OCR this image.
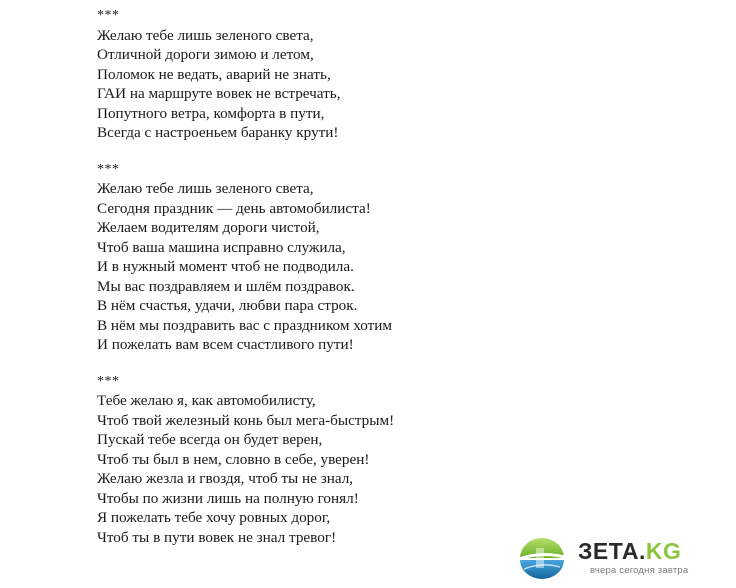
***
Желаю тебе лишь зеленого света,
Отличной дороги зимою и летом,
Поломок не ведать, аварий не знать,
ГАИ на маршруте вовек не встречать,
Попутного ветра, комфорта в пути,
Всегда с настроеньем баранку крути!
***
Желаю тебе лишь зеленого света,
Сегодня праздник — день автомобилиста!
Желаем водителям дороги чистой,
Чтоб ваша машина исправно служила,
И в нужный момент чтоб не подводила.
Мы вас поздравляем и шлём поздравок.
В нём счастья, удачи, любви пара строк.
В нём мы поздравить вас с праздником хотим
И пожелать вам всем счастливого пути!
***
Тебе желаю я, как автомобилисту,
Чтоб твой железный конь был мега-быстрым!
Пускай тебе всегда он будет верен,
Чтоб ты был в нем, словно в себе, уверен!
Желаю жезла и гвоздя, чтоб ты не знал,
Чтобы по жизни лишь на полную гонял!
Я пожелать тебе хочу ровных дорог,
Чтоб ты в пути вовек не знал тревог!
ЗЕТА.KG
вчера сегодня завтра
